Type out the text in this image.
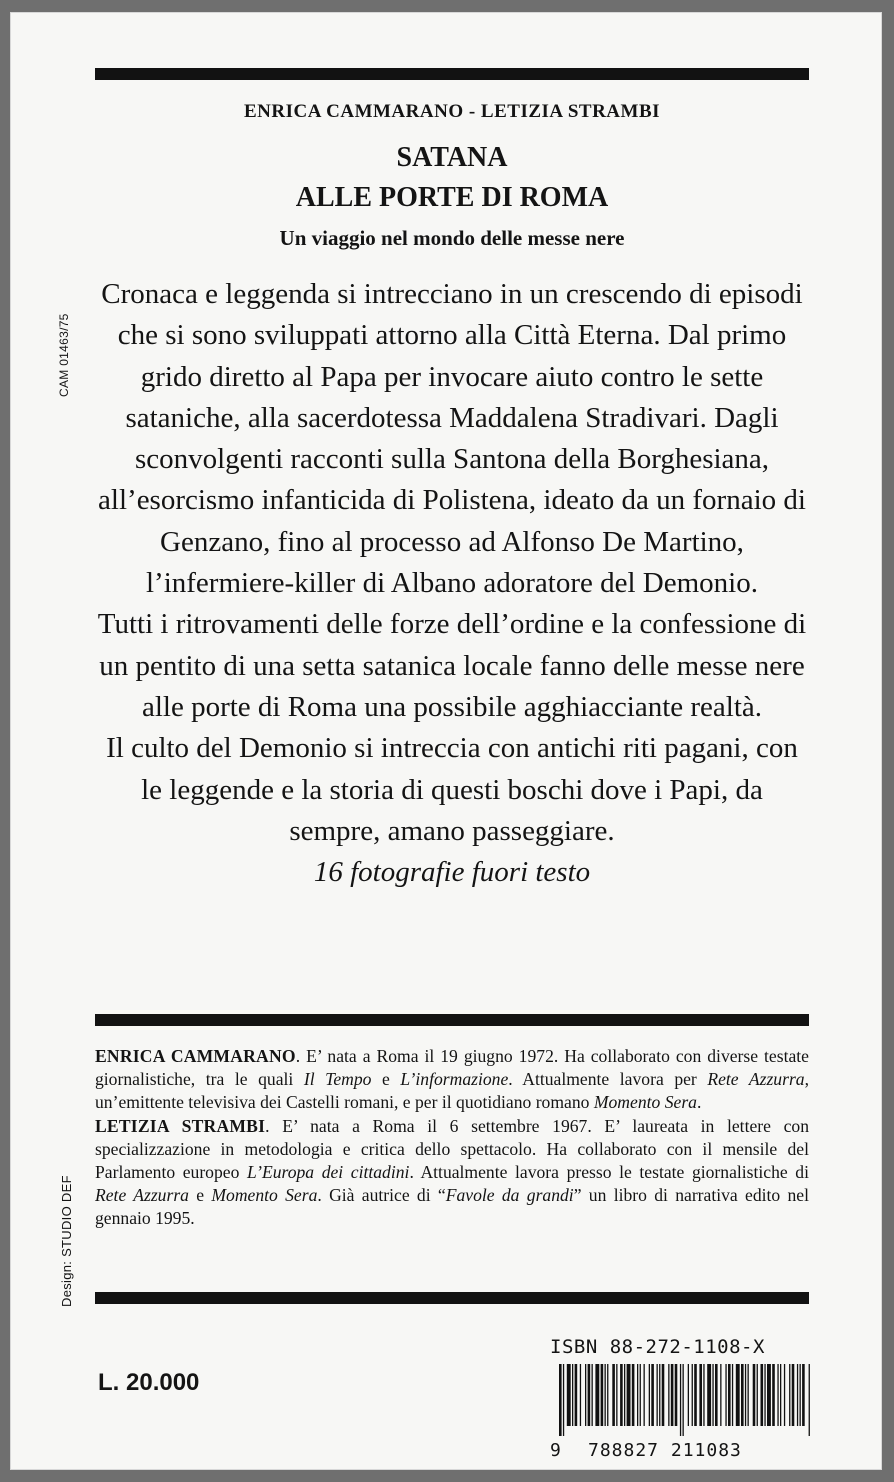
ENRICA CAMMARANO - LETIZIA STRAMBI
SATANA
ALLE PORTE DI ROMA
Un viaggio nel mondo delle messe nere
CAM 01463/75

Cronaca e leggenda si intrecciano in un crescendo di episodi che si sono sviluppati attorno alla Città Eterna. Dal primo grido diretto al Papa per invocare aiuto contro le sette sataniche, alla sacerdotessa Maddalena Stradivari. Dagli sconvolgenti racconti sulla Santona della Borghesiana, all’esorcismo infanticida di Polistena, ideato da un fornaio di Genzano, fino al processo ad Alfonso De Martino, l’infermiere-killer di Albano adoratore del Demonio.

Tutti i ritrovamenti delle forze dell’ordine e la confessione di un pentito di una setta satanica locale fanno delle messe nere alle porte di Roma una possibile agghiacciante realtà.

Il culto del Demonio si intreccia con antichi riti pagani, con le leggende e la storia di questi boschi dove i Papi, da sempre, amano passeggiare.

16 fotografie fuori testo

Design: STUDIO DEF

ENRICA CAMMARANO. E’ nata a Roma il 19 giugno 1972. Ha collaborato con diverse testate giornalistiche, tra le quali Il Tempo e L’informazione. Attualmente lavora per Rete Azzurra, un’emittente televisiva dei Castelli romani, e per il quotidiano romano Momento Sera.

LETIZIA STRAMBI. E’ nata a Roma il 6 settembre 1967. E’ laureata in lettere con specializzazione in metodologia e critica dello spettacolo. Ha collaborato con il mensile del Parlamento europeo L’Europa dei cittadini. Attualmente lavora presso le testate giornalistiche di Rete Azzurra e Momento Sera. Già autrice di “Favole da grandi” un libro di narrativa edito nel gennaio 1995.

L. 20.000
ISBN 88-272-1108-X
9 788827 211083
